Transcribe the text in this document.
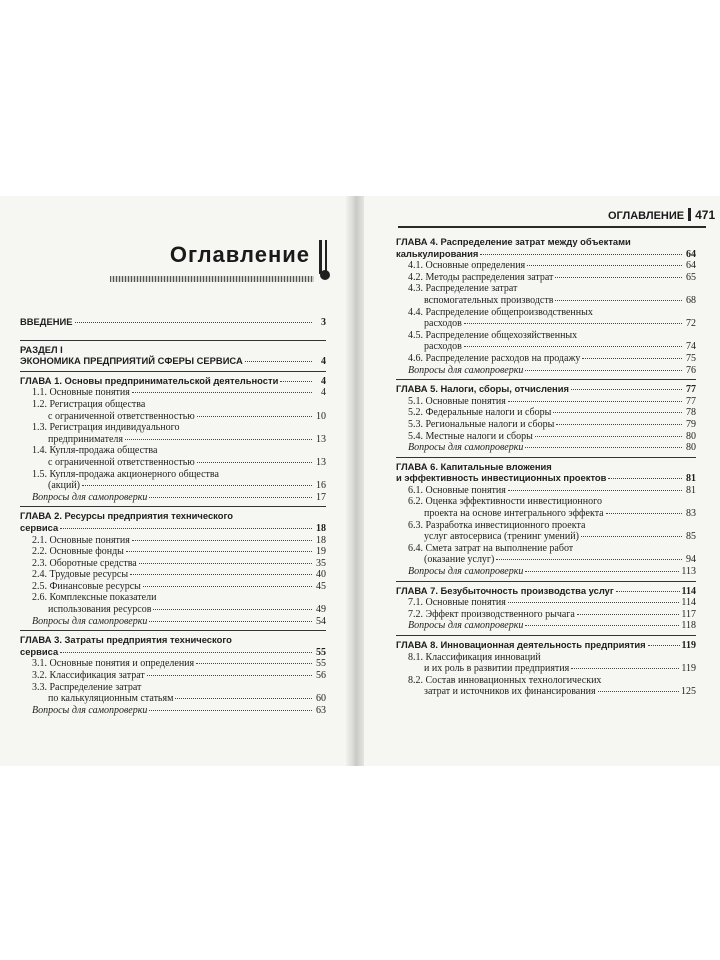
Оглавление
ВВЕДЕНИЕ	3
РАЗДЕЛ I
ЭКОНОМИКА ПРЕДПРИЯТИЙ СФЕРЫ СЕРВИСА	4
ГЛАВА 1. Основы предпринимательской деятельности	4
1.1. Основные понятия	4
1.2. Регистрация общества
с ограниченной ответственностью	10
1.3. Регистрация индивидуального
предпринимателя	13
1.4. Купля-продажа общества
с ограниченной ответственностью	13
1.5. Купля-продажа акционерного общества
(акций)	16
Вопросы для самопроверки	17
ГЛАВА 2. Ресурсы предприятия технического
сервиса	18
2.1. Основные понятия	18
2.2. Основные фонды	19
2.3. Оборотные средства	35
2.4. Трудовые ресурсы	40
2.5. Финансовые ресурсы	45
2.6. Комплексные показатели
использования ресурсов	49
Вопросы для самопроверки	54
ГЛАВА 3. Затраты предприятия технического
сервиса	55
3.1. Основные понятия и определения	55
3.2. Классификация затрат	56
3.3. Распределение затрат
по калькуляционным статьям	60
Вопросы для самопроверки	63
ОГЛАВЛЕНИЕ 471
ГЛАВА 4. Распределение затрат между объектами
калькулирования	64
4.1. Основные определения	64
4.2. Методы распределения затрат	65
4.3. Распределение затрат
вспомогательных производств	68
4.4. Распределение общепроизводственных
расходов	72
4.5. Распределение общехозяйственных
расходов	74
4.6. Распределение расходов на продажу	75
Вопросы для самопроверки	76
ГЛАВА 5. Налоги, сборы, отчисления	77
5.1. Основные понятия	77
5.2. Федеральные налоги и сборы	78
5.3. Региональные налоги и сборы	79
5.4. Местные налоги и сборы	80
Вопросы для самопроверки	80
ГЛАВА 6. Капитальные вложения
и эффективность инвестиционных проектов	81
6.1. Основные понятия	81
6.2. Оценка эффективности инвестиционного
проекта на основе интегрального эффекта	83
6.3. Разработка инвестиционного проекта
услуг автосервиса (тренинг умений)	85
6.4. Смета затрат на выполнение работ
(оказание услуг)	94
Вопросы для самопроверки	113
ГЛАВА 7. Безубыточность производства услуг	114
7.1. Основные понятия	114
7.2. Эффект производственного рычага	117
Вопросы для самопроверки	118
ГЛАВА 8. Инновационная деятельность предприятия	119
8.1. Классификация инноваций
и их роль в развитии предприятия	119
8.2. Состав инновационных технологических
затрат и источников их финансирования	125
